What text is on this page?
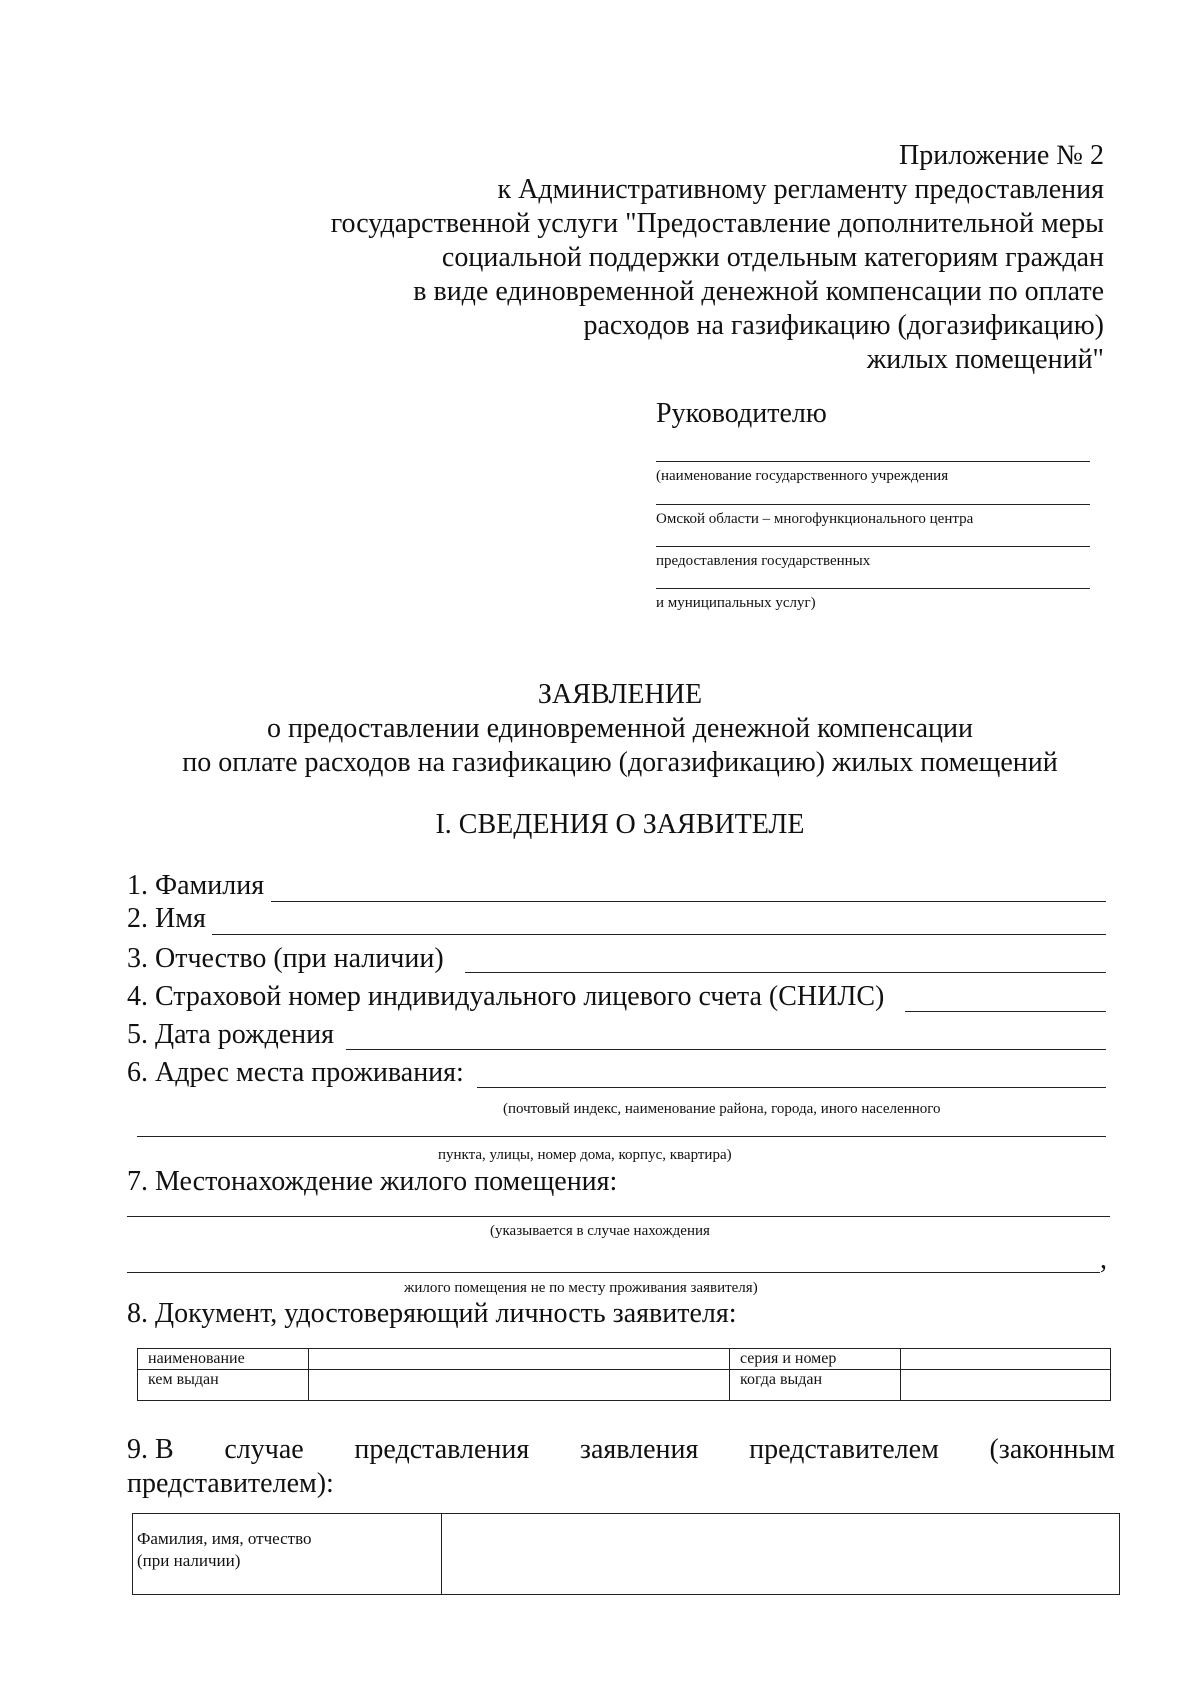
Приложение № 2
к Административному регламенту предоставления
государственной услуги "Предоставление дополнительной меры
социальной поддержки отдельным категориям граждан
в виде единовременной денежной компенсации по оплате
расходов на газификацию (догазификацию)
жилых помещений"
Руководителю
(наименование государственного учреждения
Омской области – многофункционального центра
предоставления государственных
и муниципальных услуг)
ЗАЯВЛЕНИЕ
о предоставлении единовременной денежной компенсации
по оплате расходов на газификацию (догазификацию) жилых помещений
I. СВЕДЕНИЯ О ЗАЯВИТЕЛЕ
1. Фамилия
2. Имя
3. Отчество (при наличии)
4. Страховой номер индивидуального лицевого счета (СНИЛС)
5. Дата рождения
6. Адрес места проживания:
(почтовый индекс, наименование района, города, иного населенного
пункта, улицы, номер дома, корпус, квартира)
7. Местонахождение жилого помещения:
(указывается в случае нахождения
,
жилого помещения не по месту проживания заявителя)
8. Документ, удостоверяющий личность заявителя:
наименование		серия и номер	
кем выдан		когда выдан	
9. В случае представления заявления представителем (законным
представителем):
Фамилия, имя, отчество
(при наличии)
